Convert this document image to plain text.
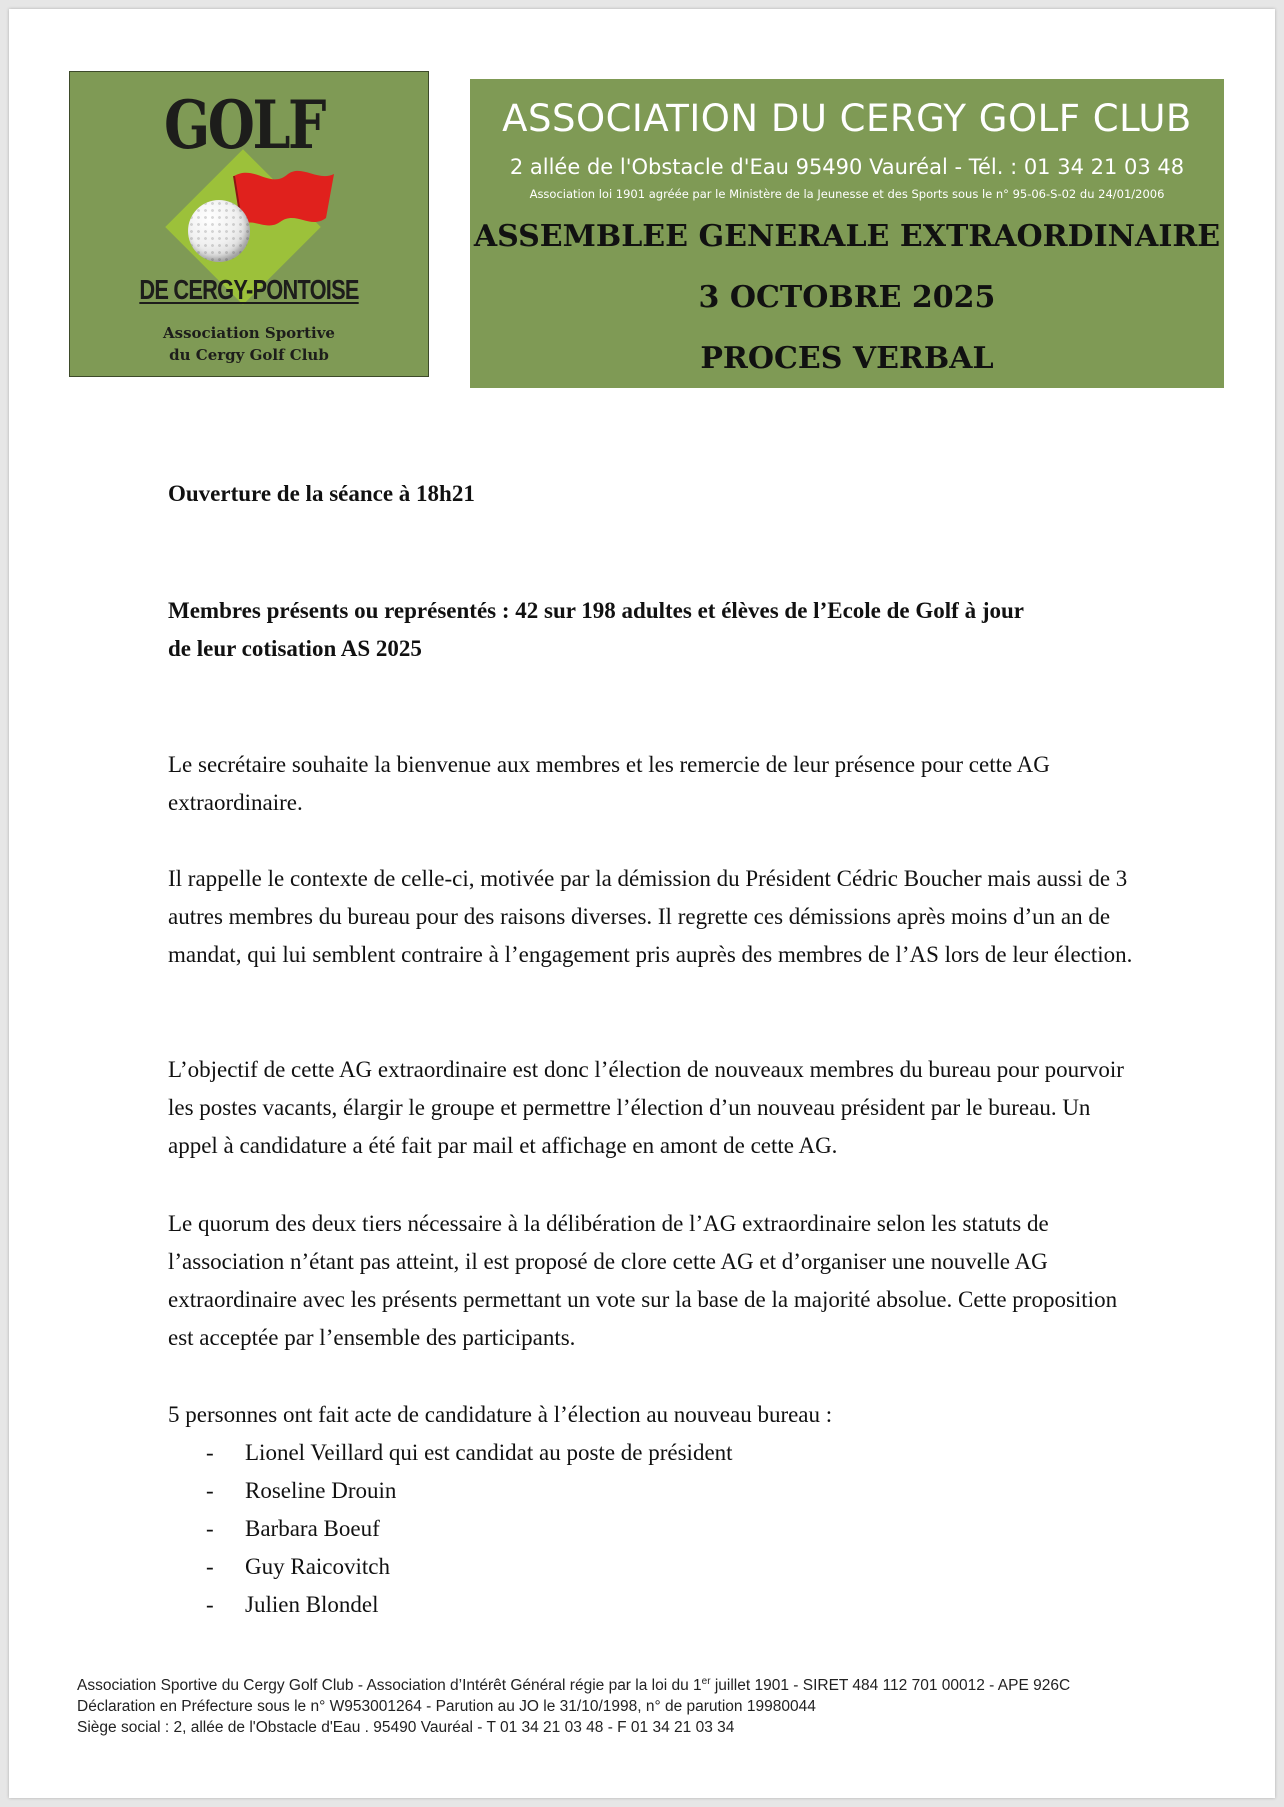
GOLF
DE CERGY-PONTOISE
Association Sportive
du Cergy Golf Club
ASSOCIATION DU CERGY GOLF CLUB
2 allée de l'Obstacle d'Eau 95490 Vauréal - Tél. : 01 34 21 03 48
Association loi 1901 agréée par le Ministère de la Jeunesse et des Sports sous le n° 95-06-S-02 du 24/01/2006
ASSEMBLEE GENERALE EXTRAORDINAIRE
3 OCTOBRE 2025
PROCES VERBAL

Ouverture de la séance à 18h21

Membres présents ou représentés : 42 sur 198 adultes et élèves de l’Ecole de Golf à jour

de leur cotisation AS 2025

Le secrétaire souhaite la bienvenue aux membres et les remercie de leur présence pour cette AG extraordinaire.

Il rappelle le contexte de celle-ci, motivée par la démission du Président Cédric Boucher mais aussi de 3 autres membres du bureau pour des raisons diverses. Il regrette ces démissions après moins d’un an de mandat, qui lui semblent contraire à l’engagement pris auprès des membres de l’AS lors de leur élection.

L’objectif de cette AG extraordinaire est donc l’élection de nouveaux membres du bureau pour pourvoir les postes vacants, élargir le groupe et permettre l’élection d’un nouveau président par le bureau. Un appel à candidature a été fait par mail et affichage en amont de cette AG.

Le quorum des deux tiers nécessaire à la délibération de l’AG extraordinaire selon les statuts de l’association n’étant pas atteint, il est proposé de clore cette AG et d’organiser une nouvelle AG extraordinaire avec les présents permettant un vote sur la base de la majorité absolue. Cette proposition est acceptée par l’ensemble des participants.

5 personnes ont fait acte de candidature à l’élection au nouveau bureau :

- Lionel Veillard qui est candidat au poste de président
- Roseline Drouin
- Barbara Boeuf
- Guy Raicovitch
- Julien Blondel
Association Sportive du Cergy Golf Club - Association d’Intérêt Général régie par la loi du 1er juillet 1901 - SIRET 484 112 701 00012 - APE 926C
Déclaration en Préfecture sous le n° W953001264 - Parution au JO le 31/10/1998, n° de parution 19980044
Siège social : 2, allée de l'Obstacle d'Eau . 95490 Vauréal - T 01 34 21 03 48 - F 01 34 21 03 34
